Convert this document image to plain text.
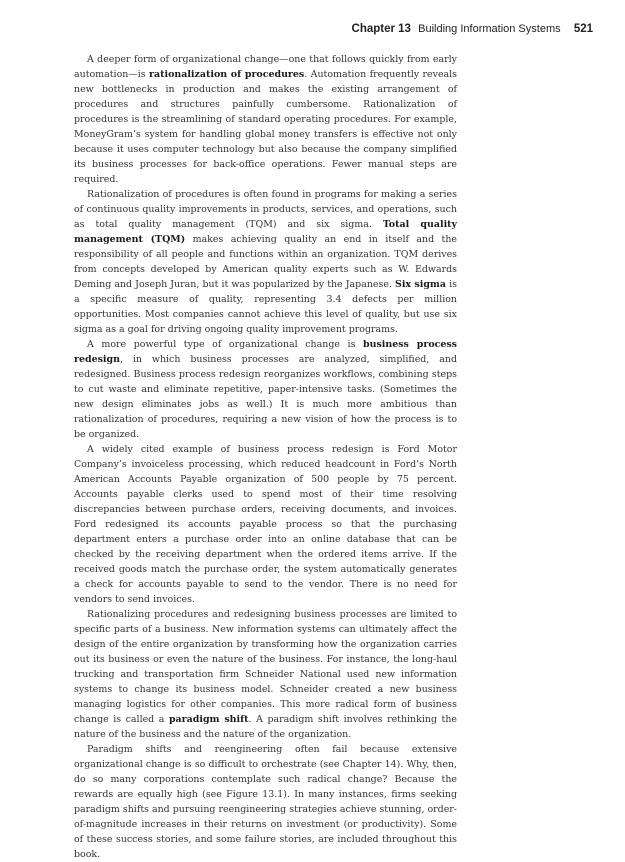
Chapter 13 Building Information Systems 521

A deeper form of organizational change—one that follows quickly from early automation—is rationalization of procedures. Automation frequently reveals new bottlenecks in production and makes the existing arrangement of procedures and structures painfully cumbersome. Rationalization of procedures is the streamlining of standard operating procedures. For example, MoneyGram’s system for handling global money transfers is effective not only because it uses computer technology but also because the company simplified its business processes for back-office operations. Fewer manual steps are required.

Rationalization of procedures is often found in programs for making a series of continuous quality improvements in products, services, and operations, such as total quality management (TQM) and six sigma. Total quality management (TQM) makes achieving quality an end in itself and the responsibility of all people and functions within an organization. TQM derives from concepts developed by American quality experts such as W. Edwards Deming and Joseph Juran, but it was popularized by the Japanese. Six sigma is a specific measure of quality, representing 3.4 defects per million opportunities. Most companies cannot achieve this level of quality, but use six sigma as a goal for driving ongoing quality improvement programs.

A more powerful type of organizational change is business process redesign, in which business processes are analyzed, simplified, and redesigned. Business process redesign reorganizes workflows, combining steps to cut waste and eliminate repetitive, paper-intensive tasks. (Sometimes the new design eliminates jobs as well.) It is much more ambitious than rationalization of procedures, requiring a new vision of how the process is to be organized.

A widely cited example of business process redesign is Ford Motor Company’s invoiceless processing, which reduced headcount in Ford’s North American Accounts Payable organization of 500 people by 75 percent. Accounts payable clerks used to spend most of their time resolving discrepancies between purchase orders, receiving documents, and invoices. Ford redesigned its accounts payable process so that the purchasing department enters a purchase order into an online database that can be checked by the receiving department when the ordered items arrive. If the received goods match the purchase order, the system automatically generates a check for accounts payable to send to the vendor. There is no need for vendors to send invoices.

Rationalizing procedures and redesigning business processes are limited to specific parts of a business. New information systems can ultimately affect the design of the entire organization by transforming how the organization carries out its business or even the nature of the business. For instance, the long-haul trucking and transportation firm Schneider National used new information systems to change its business model. Schneider created a new business managing logistics for other companies. This more radical form of business change is called a paradigm shift. A paradigm shift involves rethinking the nature of the business and the nature of the organization.

Paradigm shifts and reengineering often fail because extensive organizational change is so difficult to orchestrate (see Chapter 14). Why, then, do so many corporations contemplate such radical change? Because the rewards are equally high (see Figure 13.1). In many instances, firms seeking paradigm shifts and pursuing reengineering strategies achieve stunning, order-of-magnitude increases in their returns on investment (or productivity). Some of these success stories, and some failure stories, are included throughout this book.
